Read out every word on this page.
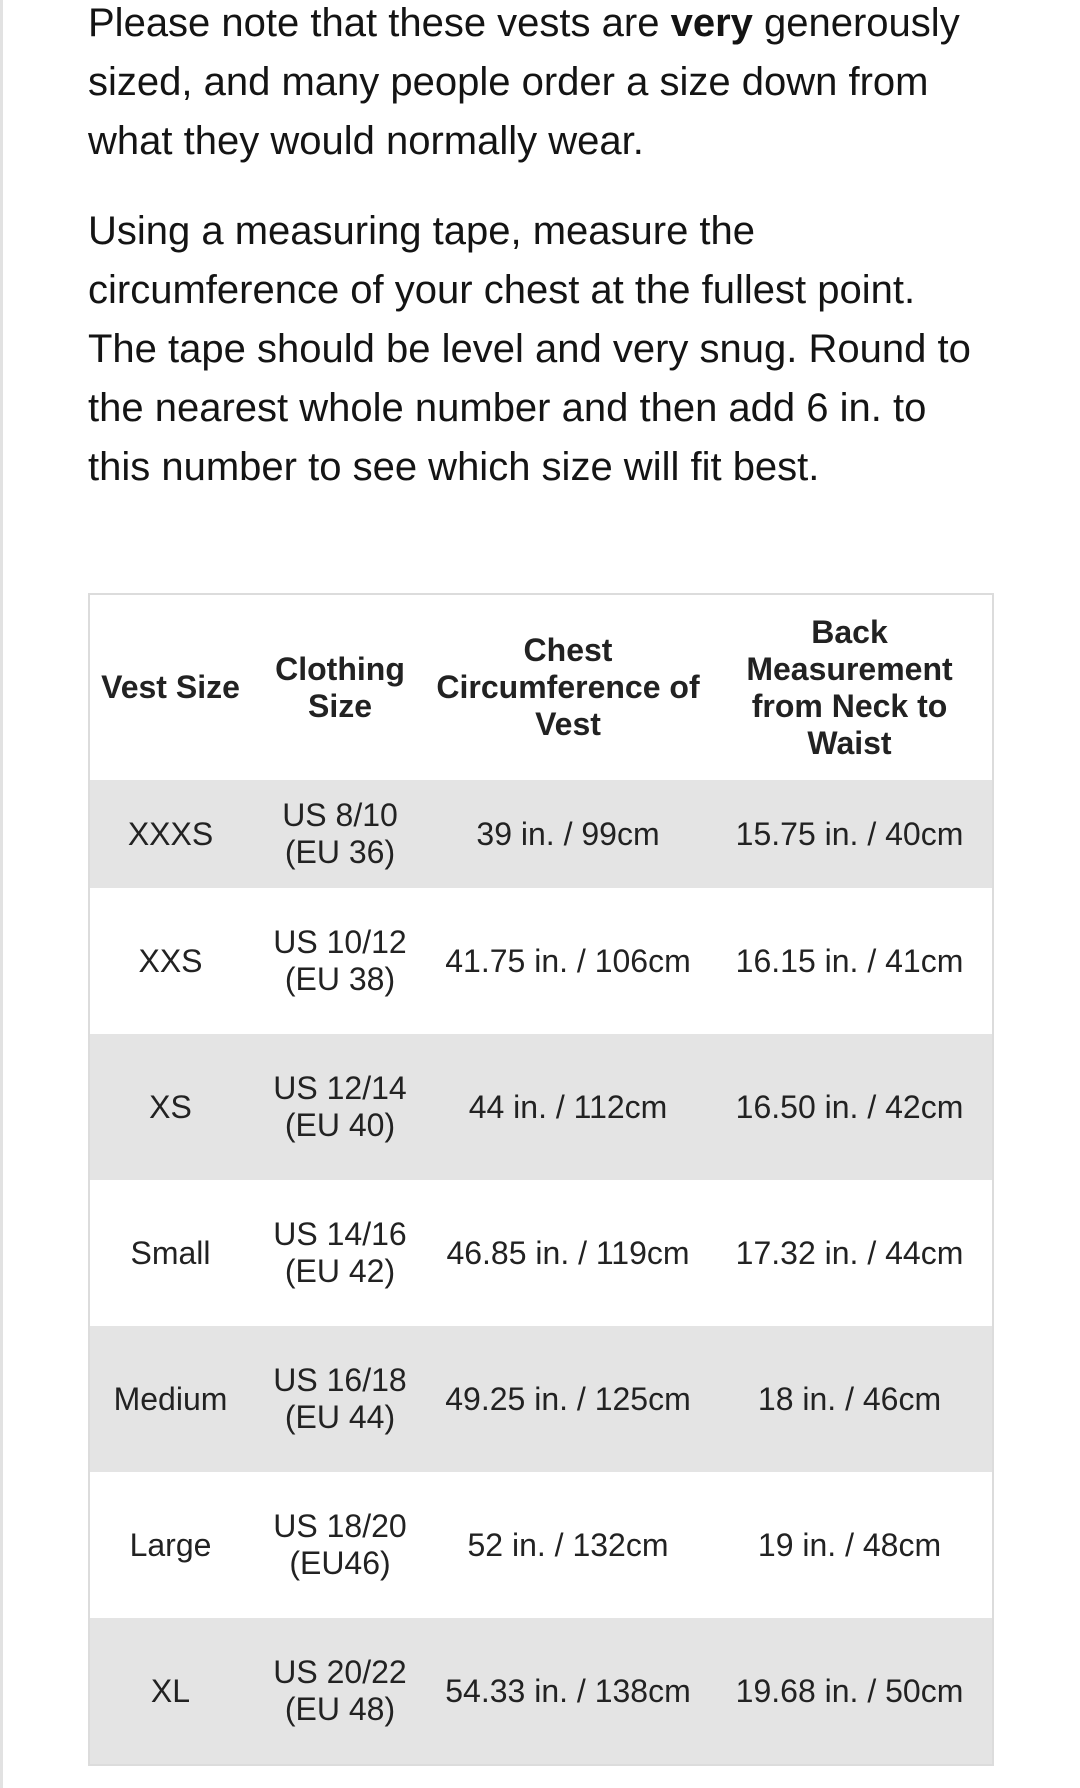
Please note that these vests are very generously sized, and many people order a size down from what they would normally wear.

Using a measuring tape, measure the circumference of your chest at the fullest point. The tape should be level and very snug. Round to the nearest whole number and then add 6 in. to this number to see which size will fit best.

Vest Size	Clothing Size	Chest Circumference of Vest	Back Measurement from Neck to Waist
XXXS	US 8/10 (EU 36)	39 in. / 99cm	15.75 in. / 40cm
XXS	US 10/12 (EU 38)	41.75 in. / 106cm	16.15 in. / 41cm
XS	US 12/14 (EU 40)	44 in. / 112cm	16.50 in. / 42cm
Small	US 14/16 (EU 42)	46.85 in. / 119cm	17.32 in. / 44cm
Medium	US 16/18 (EU 44)	49.25 in. / 125cm	18 in. / 46cm
Large	US 18/20 (EU46)	52 in. / 132cm	19 in. / 48cm
XL	US 20/22 (EU 48)	54.33 in. / 138cm	19.68 in. / 50cm
